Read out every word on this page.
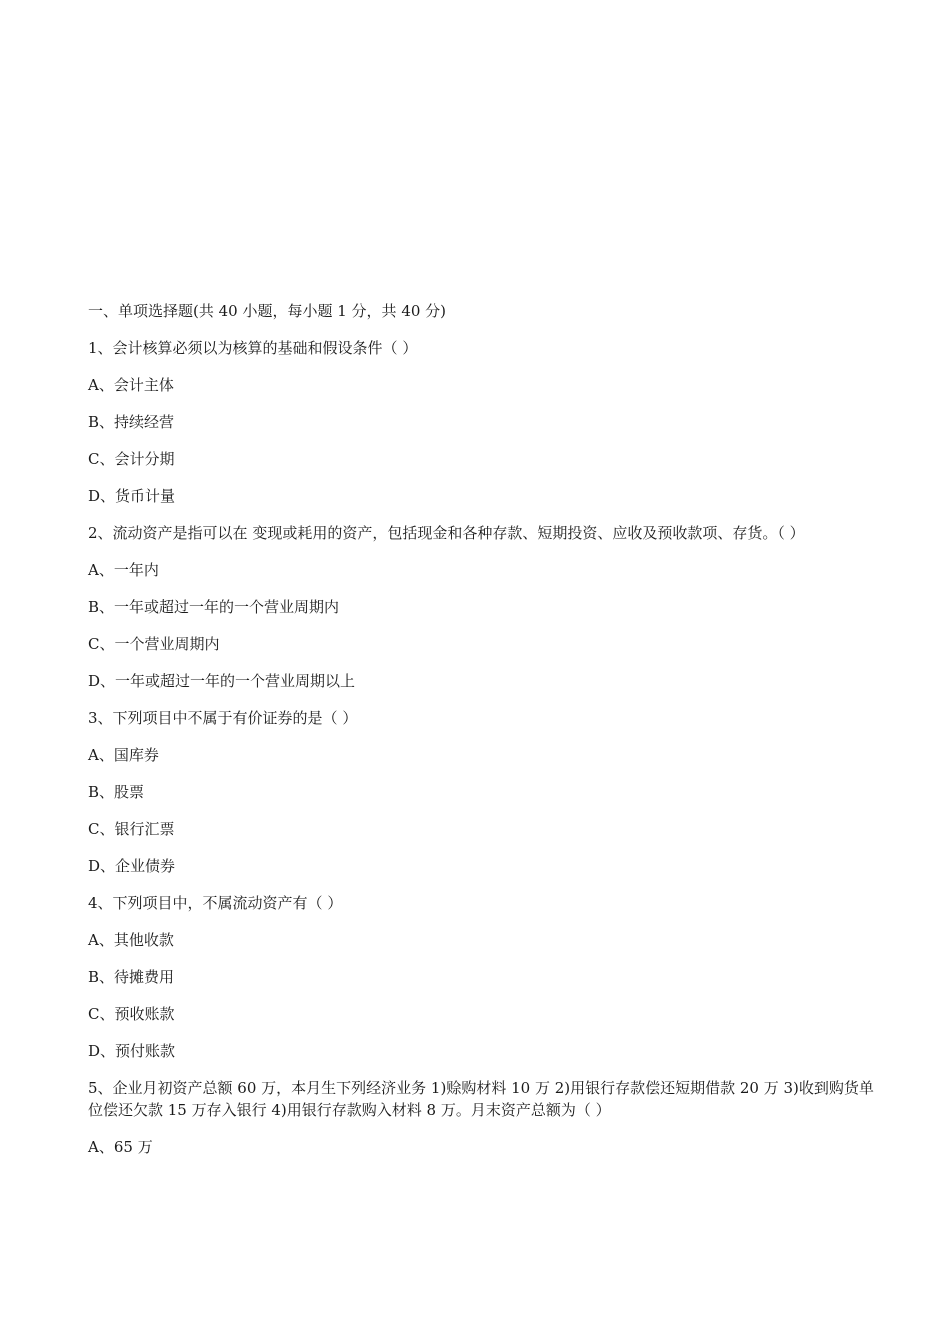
一、单项选择题(共 40 小题，每小题 1 分，共 40 分)

1、会计核算必须以为核算的基础和假设条件（ ）

A、会计主体

B、持续经营

C、会计分期

D、货币计量

2、流动资产是指可以在 变现或耗用的资产，包括现金和各种存款、短期投资、应收及预收款项、存货。（ ）

A、一年内

B、一年或超过一年的一个营业周期内

C、一个营业周期内

D、一年或超过一年的一个营业周期以上

3、下列项目中不属于有价证券的是（ ）

A、国库券

B、股票

C、银行汇票

D、企业债券

4、下列项目中，不属流动资产有（ ）

A、其他收款

B、待摊费用

C、预收账款

D、预付账款

5、企业月初资产总额 60 万，本月生下列经济业务 1)赊购材料 10 万 2)用银行存款偿还短期借款 20 万 3)收到购货单位偿还欠款 15 万存入银行 4)用银行存款购入材料 8 万。月末资产总额为（ ）

A、65 万
